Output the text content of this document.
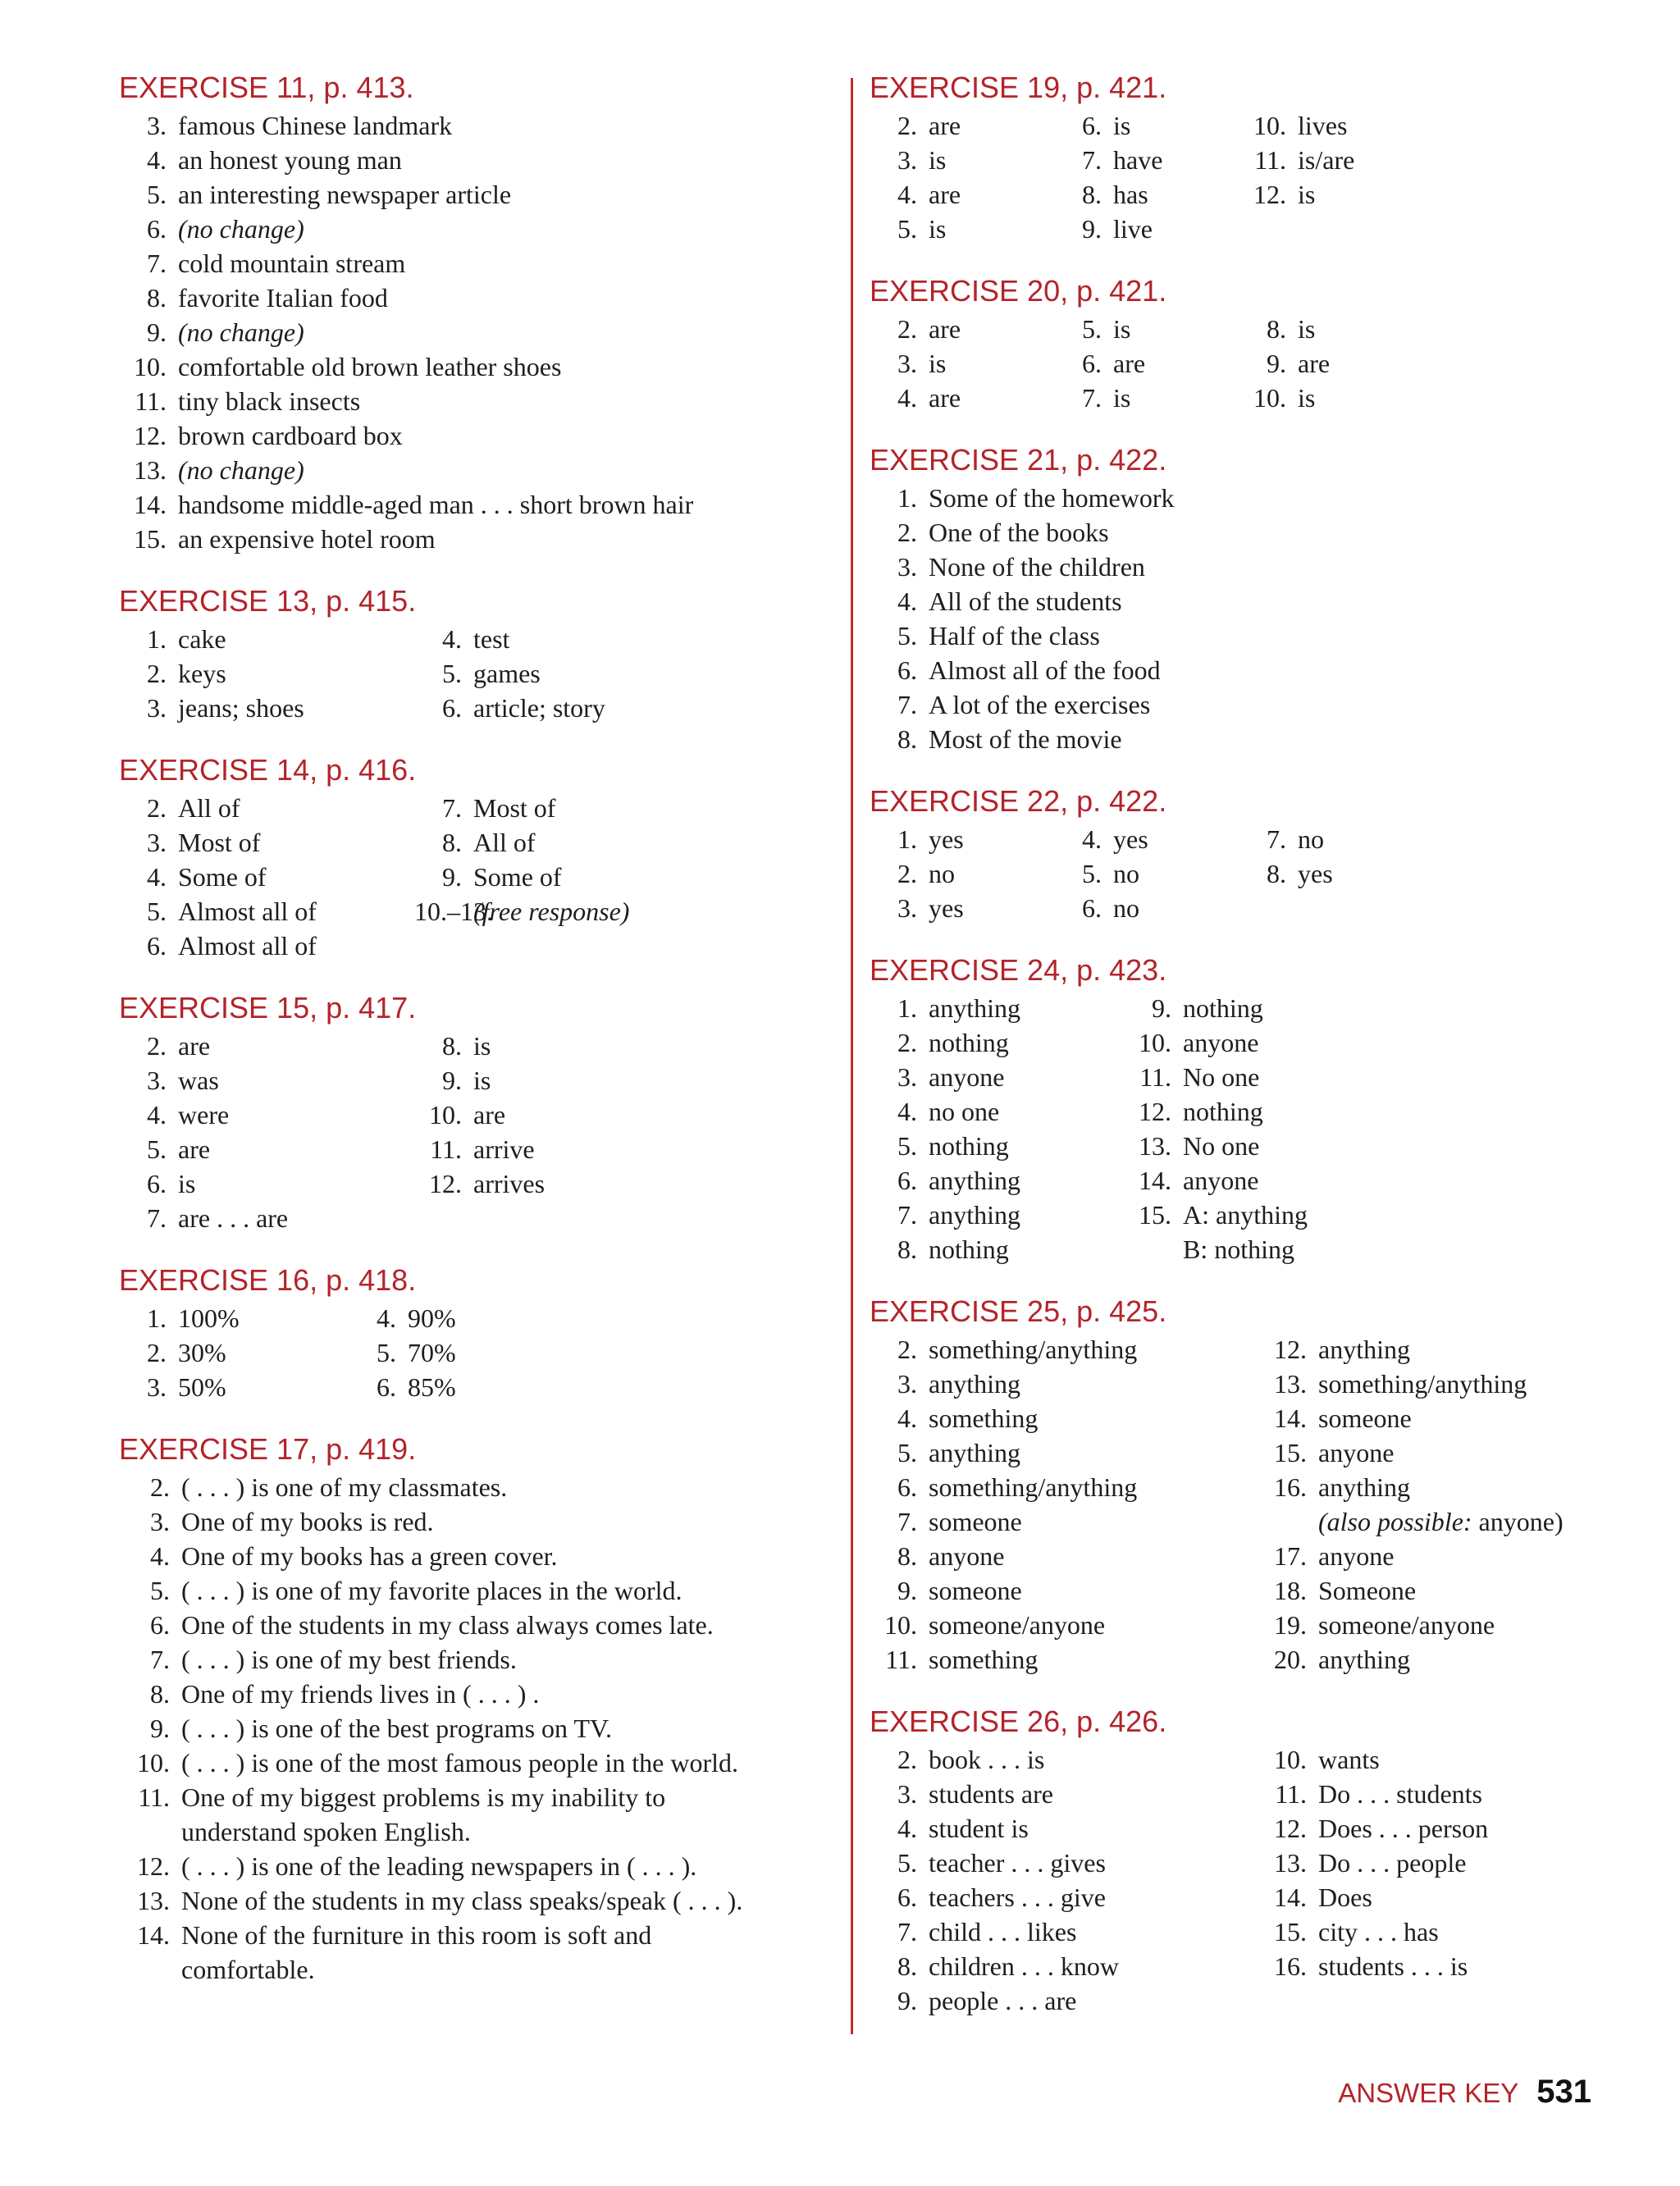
EXERCISE 11, p. 413.
3. famous Chinese landmark
4. an honest young man
5. an interesting newspaper article
6. (no change)
7. cold mountain stream
8. favorite Italian food
9. (no change)
10. comfortable old brown leather shoes
11. tiny black insects
12. brown cardboard box
13. (no change)
14. handsome middle-aged man . . . short brown hair
15. an expensive hotel room
EXERCISE 13, p. 415.
1. cake
2. keys
3. jeans; shoes
4. test
5. games
6. article; story
EXERCISE 14, p. 416.
2. All of
3. Most of
4. Some of
5. Almost all of
6. Almost all of
7. Most of
8. All of
9. Some of
10.–13.
(free response)
EXERCISE 15, p. 417.
2. are
3. was
4. were
5. are
6. is
7. are . . . are
8. is
9. is
10. are
11. arrive
12. arrives
EXERCISE 16, p. 418.
1. 100%
2. 30%
3. 50%
4. 90%
5. 70%
6. 85%
EXERCISE 17, p. 419.
2. ( . . . ) is one of my classmates.
3. One of my books is red.
4. One of my books has a green cover.
5. ( . . . ) is one of my favorite places in the world.
6. One of the students in my class always comes late.
7. ( . . . ) is one of my best friends.
8. One of my friends lives in ( . . . ) .
9. ( . . . ) is one of the best programs on TV.
10. ( . . . ) is one of the most famous people in the world.
11. One of my biggest problems is my inability to
understand spoken English.
12. ( . . . ) is one of the leading newspapers in ( . . . ).
13. None of the students in my class speaks/speak ( . . . ).
14. None of the furniture in this room is soft and
comfortable.
EXERCISE 19, p. 421.
2. are
3. is
4. are
5. is
6. is
7. have
8. has
9. live
10. lives
11. is/are
12. is
EXERCISE 20, p. 421.
2. are
3. is
4. are
5. is
6. are
7. is
8. is
9. are
10. is
EXERCISE 21, p. 422.
1. Some of the homework
2. One of the books
3. None of the children
4. All of the students
5. Half of the class
6. Almost all of the food
7. A lot of the exercises
8. Most of the movie
EXERCISE 22, p. 422.
1. yes
2. no
3. yes
4. yes
5. no
6. no
7. no
8. yes
EXERCISE 24, p. 423.
1. anything
2. nothing
3. anyone
4. no one
5. nothing
6. anything
7. anything
8. nothing
9. nothing
10. anyone
11. No one
12. nothing
13. No one
14. anyone
15. A: anything
B: nothing
EXERCISE 25, p. 425.
2. something/anything
3. anything
4. something
5. anything
6. something/anything
7. someone
8. anyone
9. someone
10. someone/anyone
11. something
12. anything
13. something/anything
14. someone
15. anyone
16. anything
(also possible: anyone)
17. anyone
18. Someone
19. someone/anyone
20. anything
EXERCISE 26, p. 426.
2. book . . . is
3. students are
4. student is
5. teacher . . . gives
6. teachers . . . give
7. child . . . likes
8. children . . . know
9. people . . . are
10. wants
11. Do . . . students
12. Does . . . person
13. Do . . . people
14. Does
15. city . . . has
16. students . . . is
ANSWER KEY 531
